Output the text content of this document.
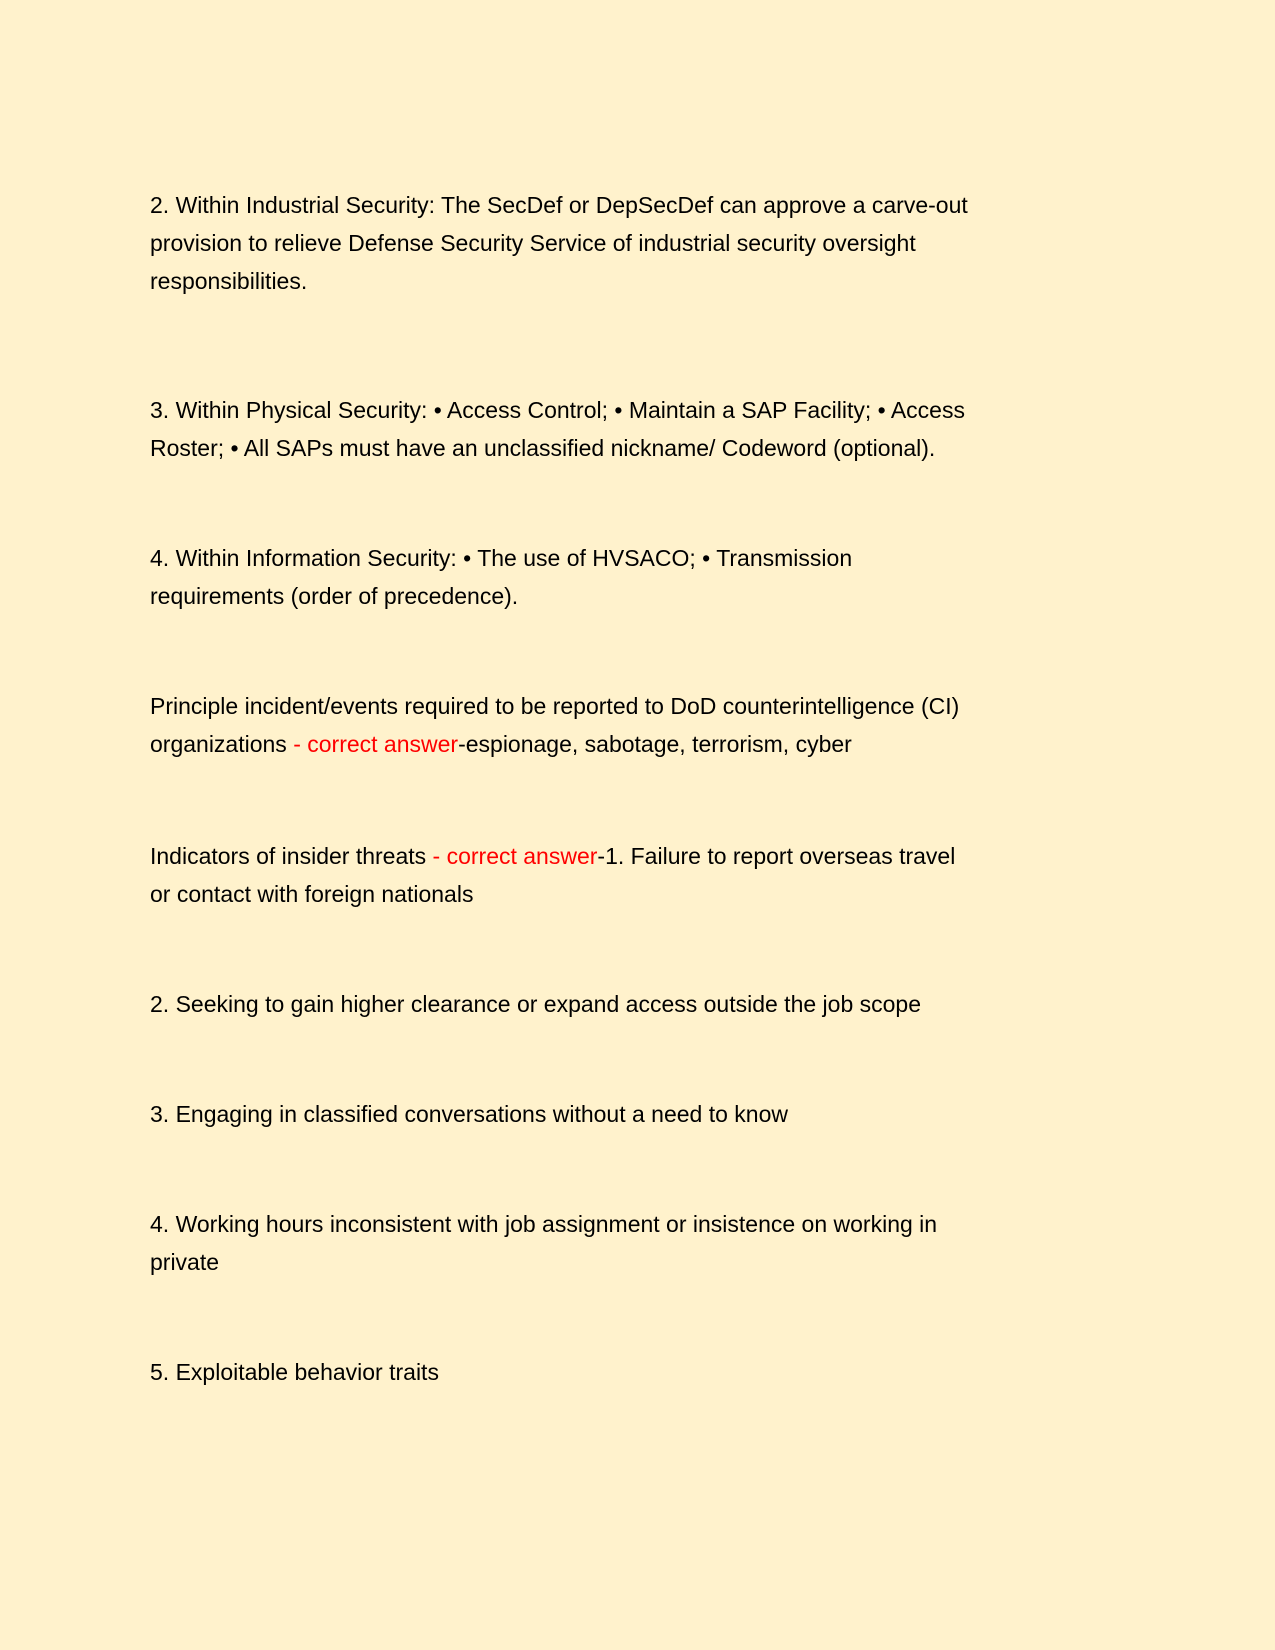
2. Within Industrial Security: The SecDef or DepSecDef can approve a carve-out
provision to relieve Defense Security Service of industrial security oversight
responsibilities.

3. Within Physical Security: • Access Control; • Maintain a SAP Facility; • Access
Roster; • All SAPs must have an unclassified nickname/ Codeword (optional).

4. Within Information Security: • The use of HVSACO; • Transmission
requirements (order of precedence).

Principle incident/events required to be reported to DoD counterintelligence (CI)
organizations - correct answer-espionage, sabotage, terrorism, cyber

Indicators of insider threats - correct answer-1. Failure to report overseas travel
or contact with foreign nationals

2. Seeking to gain higher clearance or expand access outside the job scope

3. Engaging in classified conversations without a need to know

4. Working hours inconsistent with job assignment or insistence on working in
private

5. Exploitable behavior traits
